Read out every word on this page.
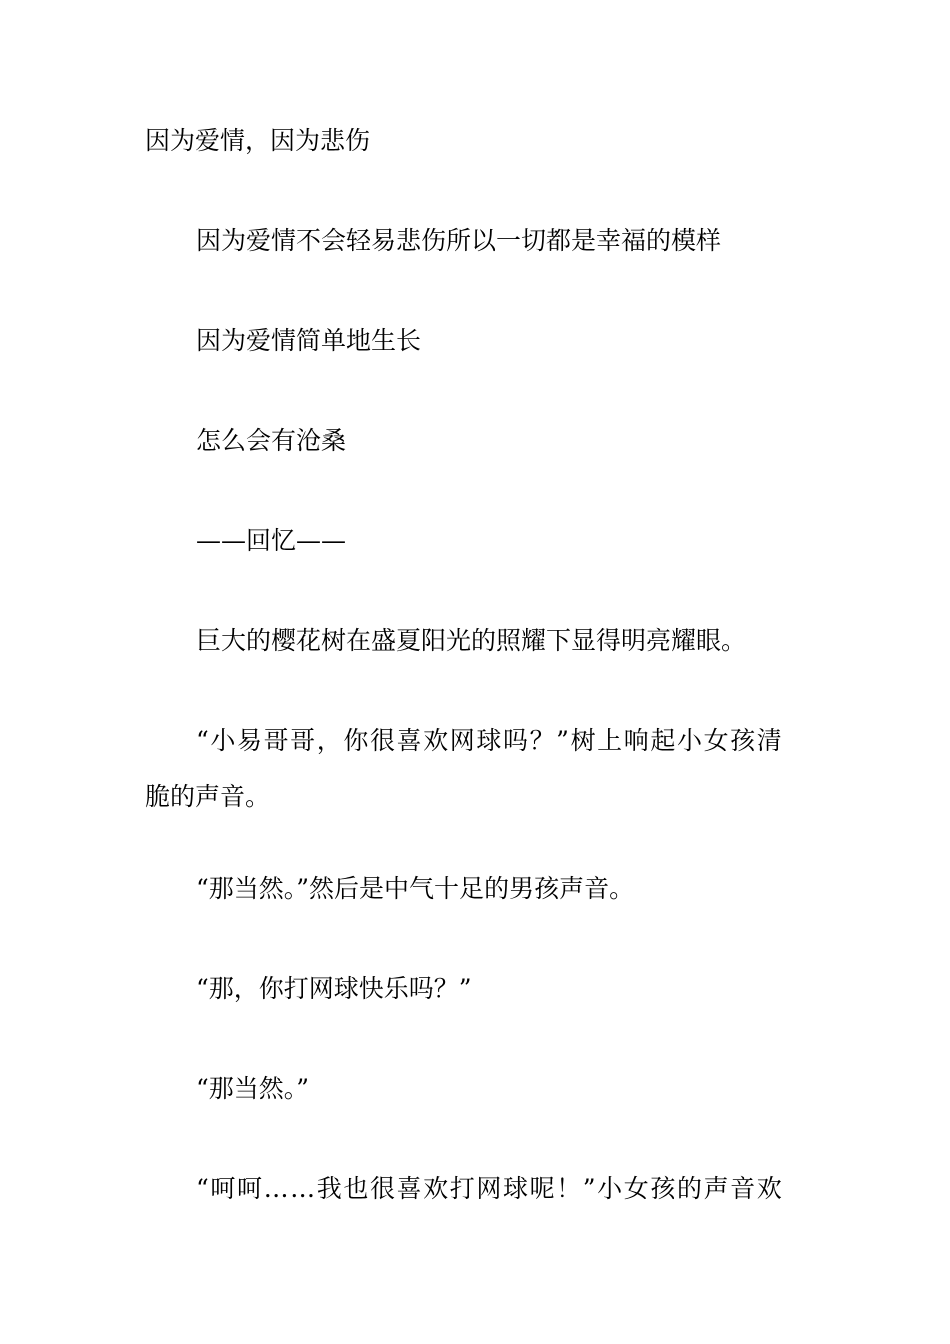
因为爱情，因为悲伤
因为爱情不会轻易悲伤所以一切都是幸福的模样
因为爱情简单地生长
怎么会有沧桑
——回忆——
巨大的樱花树在盛夏阳光的照耀下显得明亮耀眼。
“小易哥哥，你很喜欢网球吗？”树上响起小女孩清
脆的声音。
“那当然。”然后是中气十足的男孩声音。
“那，你打网球快乐吗？”
“那当然。”
“呵呵……我也很喜欢打网球呢！”小女孩的声音欢
